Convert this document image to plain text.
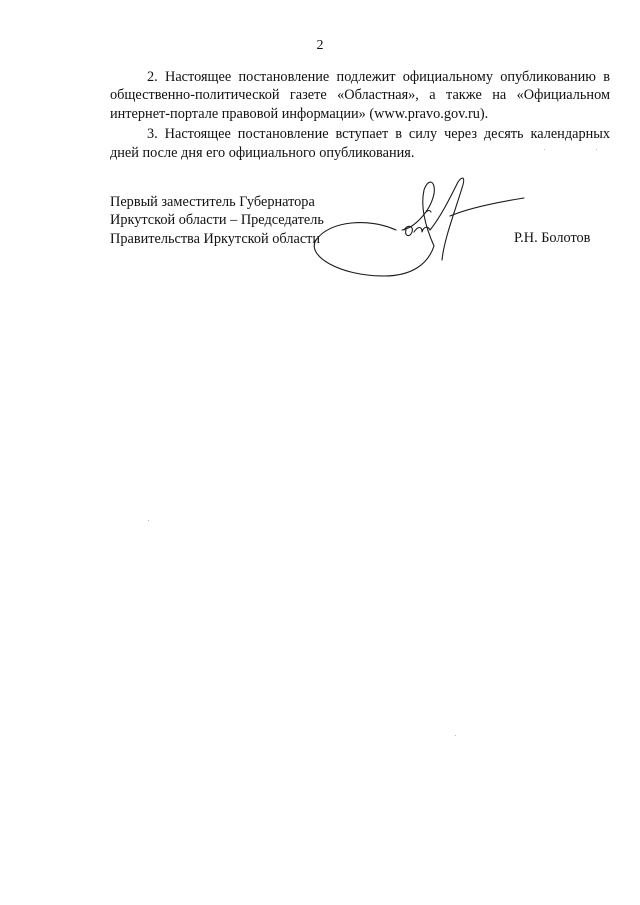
2

2. Настоящее постановление подлежит официальному опубликованию в общественно-политической газете «Областная», а также на «Официальном интернет-портале правовой информации» (www.pravo.gov.ru).

3. Настоящее постановление вступает в силу через десять календарных дней после дня его официального опубликования.

Первый заместитель Губернатора
Иркутской области – Председатель
Правительства Иркутской области	Р.Н. Болотов
